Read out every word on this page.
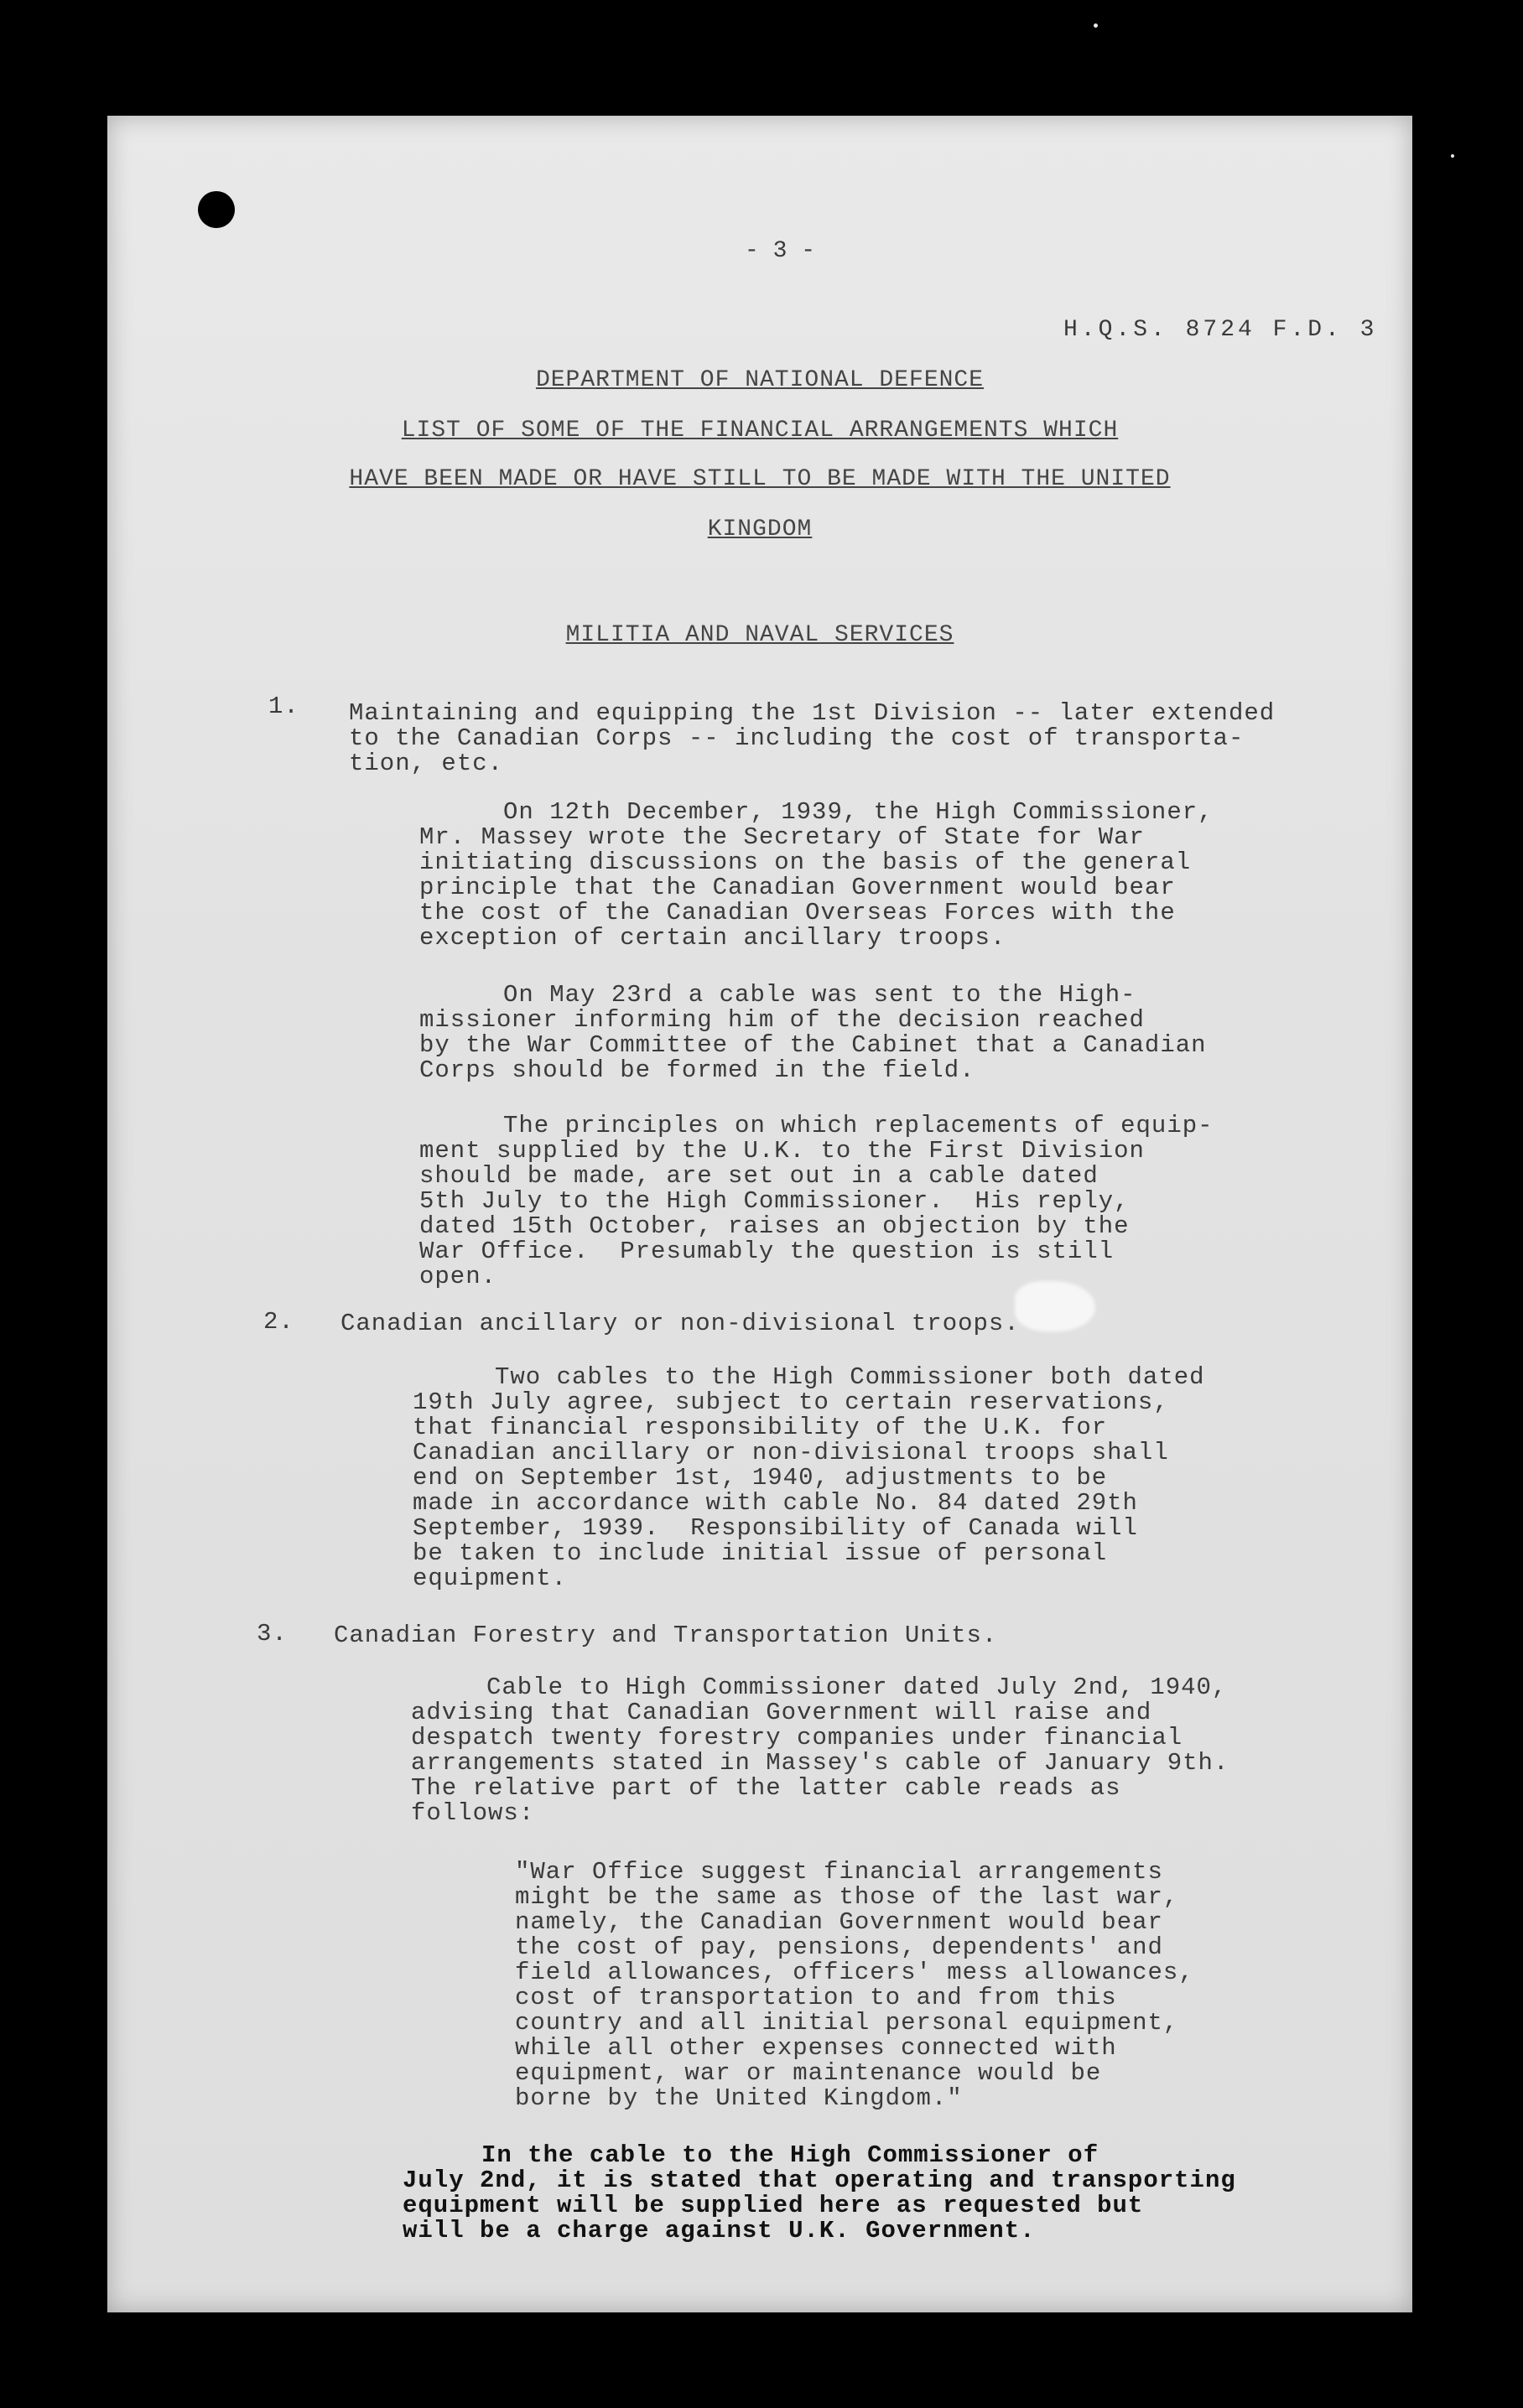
- 3 -
H.Q.S. 8724 F.D. 3
DEPARTMENT OF NATIONAL DEFENCE
LIST OF SOME OF THE FINANCIAL ARRANGEMENTS WHICH
HAVE BEEN MADE OR HAVE STILL TO BE MADE WITH THE UNITED
KINGDOM
MILITIA AND NAVAL SERVICES
1. Maintaining and equipping the 1st Division -- later extended
to the Canadian Corps -- including the cost of transporta-
tion, etc.
On 12th December, 1939, the High Commissioner,
Mr. Massey wrote the Secretary of State for War
initiating discussions on the basis of the general
principle that the Canadian Government would bear
the cost of the Canadian Overseas Forces with the
exception of certain ancillary troops.
On May 23rd a cable was sent to the High-
missioner informing him of the decision reached
by the War Committee of the Cabinet that a Canadian
Corps should be formed in the field.
The principles on which replacements of equip-
ment supplied by the U.K. to the First Division
should be made, are set out in a cable dated
5th July to the High Commissioner.  His reply,
dated 15th October, raises an objection by the
War Office.  Presumably the question is still
open.
2. Canadian ancillary or non-divisional troops.
Two cables to the High Commissioner both dated
19th July agree, subject to certain reservations,
that financial responsibility of the U.K. for
Canadian ancillary or non-divisional troops shall
end on September 1st, 1940, adjustments to be
made in accordance with cable No. 84 dated 29th
September, 1939.  Responsibility of Canada will
be taken to include initial issue of personal
equipment.
3. Canadian Forestry and Transportation Units.
Cable to High Commissioner dated July 2nd, 1940,
advising that Canadian Government will raise and
despatch twenty forestry companies under financial
arrangements stated in Massey's cable of January 9th.
The relative part of the latter cable reads as
follows:
"War Office suggest financial arrangements
might be the same as those of the last war,
namely, the Canadian Government would bear
the cost of pay, pensions, dependents' and
field allowances, officers' mess allowances,
cost of transportation to and from this
country and all initial personal equipment,
while all other expenses connected with
equipment, war or maintenance would be
borne by the United Kingdom."
In the cable to the High Commissioner of
July 2nd, it is stated that operating and transporting
equipment will be supplied here as requested but
will be a charge against U.K. Government.
